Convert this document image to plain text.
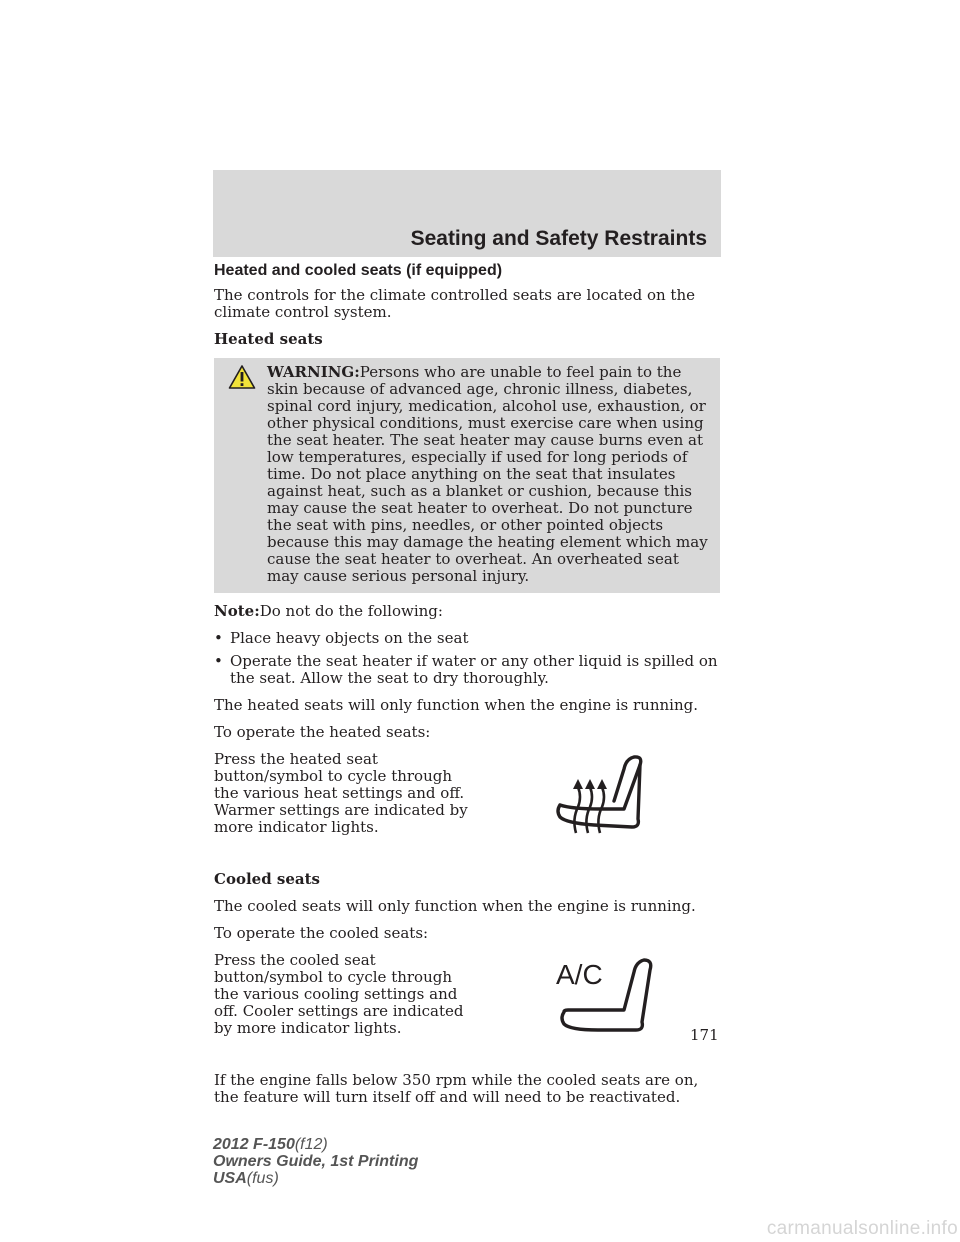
Seating and Safety Restraints
Heated and cooled seats (if equipped)

The controls for the climate controlled seats are located on the climate control system.

Heated seats
WARNING:Persons who are unable to feel pain to the skin because of advanced age, chronic illness, diabetes, spinal cord injury, medication, alcohol use, exhaustion, or other physical conditions, must exercise care when using the seat heater. The seat heater may cause burns even at low temperatures, especially if used for long periods of time. Do not place anything on the seat that insulates against heat, such as a blanket or cushion, because this may cause the seat heater to overheat. Do not puncture the seat with pins, needles, or other pointed objects because this may damage the heating element which may cause the seat heater to overheat. An overheated seat may cause serious personal injury.

Note:Do not do the following:

• Place heavy objects on the seat
• Operate the seat heater if water or any other liquid is spilled on the seat. Allow the seat to dry thoroughly.

The heated seats will only function when the engine is running.

To operate the heated seats:

Press the heated seat button/symbol to cycle through the various heat settings and off. Warmer settings are indicated by more indicator lights.

Cooled seats

The cooled seats will only function when the engine is running.

To operate the cooled seats:

Press the cooled seat button/symbol to cycle through the various cooling settings and off. Cooler settings are indicated by more indicator lights.

A/C

If the engine falls below 350 rpm while the cooled seats are on, the feature will turn itself off and will need to be reactivated.

171
2012 F-150(f12)
Owners Guide, 1st Printing
USA(fus)
carmanualsonline.info
